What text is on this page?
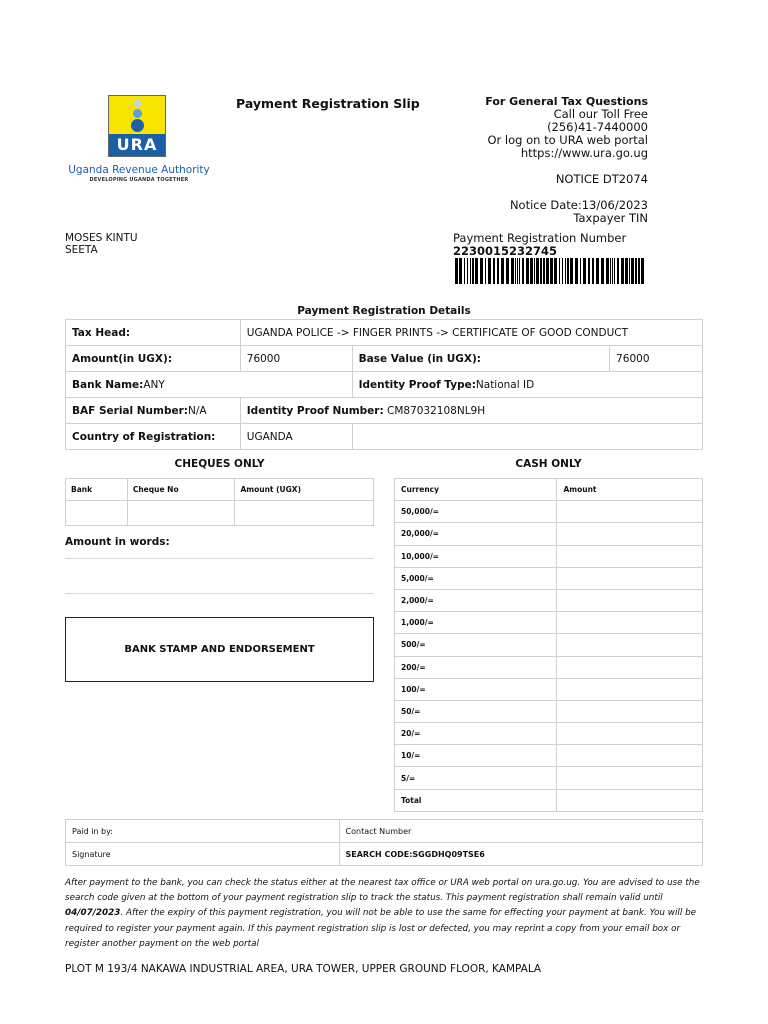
URA
Uganda Revenue Authority
DEVELOPING UGANDA TOGETHER
Payment Registration Slip	For General Tax Questions
Call our Toll Free
(256)41-7440000
Or log on to URA web portal
https://www.ura.go.ug
NOTICE DT2074
Notice Date:13/06/2023
Taxpayer TIN
MOSES KINTU
SEETA
Payment Registration Number
2230015232745
Payment Registration Details
Tax Head:	UGANDA POLICE -> FINGER PRINTS -> CERTIFICATE OF GOOD CONDUCT		
Amount(in UGX):	76000	Base Value (in UGX):	76000
Bank Name:ANY		Identity Proof Type:National ID	
BAF Serial Number:N/A	Identity Proof Number: CM87032108NL9H		
Country of Registration:	UGANDA		
CHEQUES ONLY
Bank	Cheque No	Amount (UGX)

Amount in words:
BANK STAMP AND ENDORSEMENT
CASH ONLY
Currency	Amount
50,000/=	
20,000/=	
10,000/=	
5,000/=	
2,000/=	
1,000/=	
500/=	
200/=	
100/=	
50/=	
20/=	
10/=	
5/=	
Total	
Paid in by:	Contact Number
Signature	SEARCH CODE:SGGDHQ09TSE6
After payment to the bank, you can check the status either at the nearest tax office or URA web portal on ura.go.ug. You are advised to use the search code given at the bottom of your payment registration slip to track the status. This payment registration shall remain valid until 04/07/2023. After the expiry of this payment registration, you will not be able to use the same for effecting your payment at bank. You will be required to register your payment again. If this payment registration slip is lost or defected, you may reprint a copy from your email box or register another payment on the web portal
PLOT M 193/4 NAKAWA INDUSTRIAL AREA, URA TOWER, UPPER GROUND FLOOR, KAMPALA
